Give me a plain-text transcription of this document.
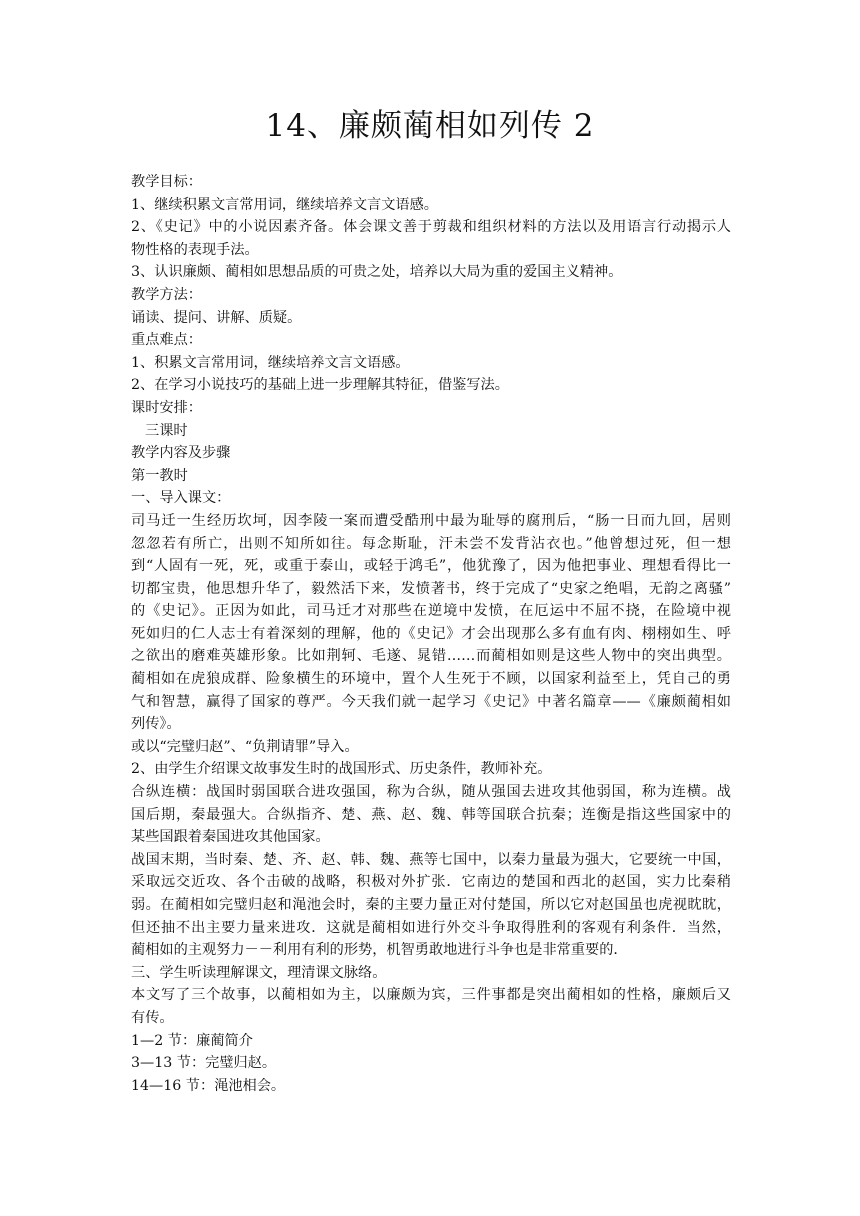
14、廉颇蔺相如列传 2
教学目标：
1、继续积累文言常用词，继续培养文言文语感。
2、《史记》中的小说因素齐备。体会课文善于剪裁和组织材料的方法以及用语言行动揭示人
物性格的表现手法。
3、认识廉颇、蔺相如思想品质的可贵之处，培养以大局为重的爱国主义精神。
教学方法：
诵读、提问、讲解、质疑。
重点难点：
1、积累文言常用词，继续培养文言文语感。
2、在学习小说技巧的基础上进一步理解其特征，借鉴写法。
课时安排：
三课时
教学内容及步骤
第一教时
一、导入课文：
司马迁一生经历坎坷，因李陵一案而遭受酷刑中最为耻辱的腐刑后，“肠一日而九回，居则
忽忽若有所亡，出则不知所如往。每念斯耻，汗未尝不发背沾衣也。”他曾想过死，但一想
到“人固有一死，死，或重于泰山，或轻于鸿毛”，他犹豫了，因为他把事业、理想看得比一
切都宝贵，他思想升华了，毅然活下来，发愤著书，终于完成了“史家之绝唱，无韵之离骚”
的《史记》。正因为如此，司马迁才对那些在逆境中发愤，在厄运中不屈不挠，在险境中视
死如归的仁人志士有着深刻的理解，他的《史记》才会出现那么多有血有肉、栩栩如生、呼
之欲出的磨难英雄形象。比如荆轲、毛遂、晁错……而蔺相如则是这些人物中的突出典型。
蔺相如在虎狼成群、险象横生的环境中，置个人生死于不顾，以国家利益至上，凭自己的勇
气和智慧，赢得了国家的尊严。今天我们就一起学习《史记》中著名篇章——《廉颇蔺相如
列传》。
或以“完璧归赵”、“负荆请罪”导入。
2、由学生介绍课文故事发生时的战国形式、历史条件，教师补充。
合纵连横：战国时弱国联合进攻强国，称为合纵，随从强国去进攻其他弱国，称为连横。战
国后期，秦最强大。合纵指齐、楚、燕、赵、魏、韩等国联合抗秦；连衡是指这些国家中的
某些国跟着秦国进攻其他国家。
战国末期，当时秦、楚、齐、赵、韩、魏、燕等七国中，以秦力量最为强大，它要统一中国，
采取远交近攻、各个击破的战略，积极对外扩张．它南边的楚国和西北的赵国，实力比秦稍
弱。在蔺相如完璧归赵和渑池会时，秦的主要力量正对付楚国，所以它对赵国虽也虎视眈眈，
但还抽不出主要力量来进攻．这就是蔺相如进行外交斗争取得胜利的客观有利条件．当然，
蔺相如的主观努力－－利用有利的形势，机智勇敢地进行斗争也是非常重要的．
三、学生听读理解课文，理清课文脉络。
本文写了三个故事，以蔺相如为主，以廉颇为宾，三件事都是突出蔺相如的性格，廉颇后又
有传。
1—2 节：廉蔺简介
3—13 节：完璧归赵。
14—16 节：渑池相会。
